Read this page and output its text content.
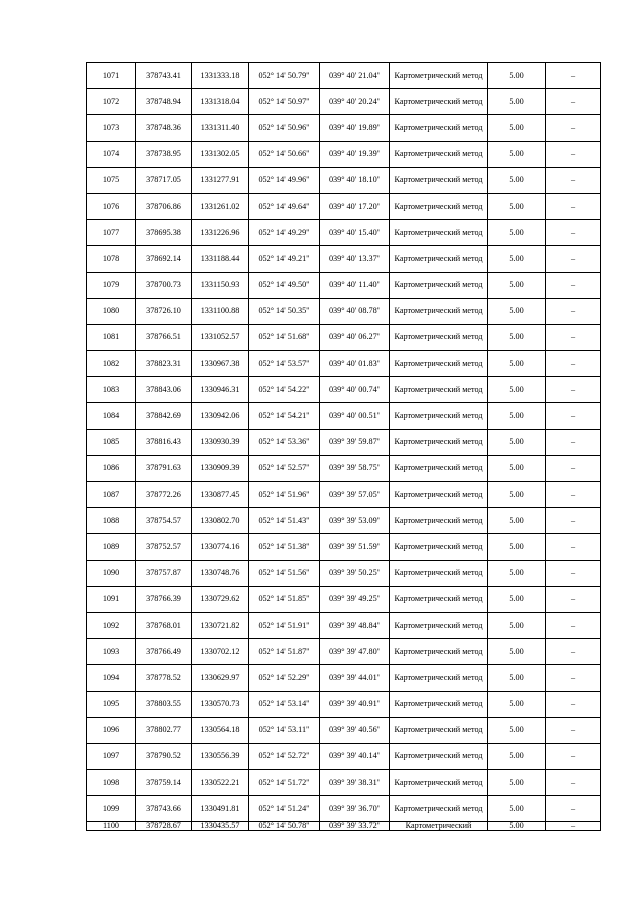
1071	378743.41	1331333.18	052° 14' 50.79"	039° 40' 21.04"	Картометрический метод	5.00	–
1072	378748.94	1331318.04	052° 14' 50.97"	039° 40' 20.24"	Картометрический метод	5.00	–
1073	378748.36	1331311.40	052° 14' 50.96"	039° 40' 19.89"	Картометрический метод	5.00	–
1074	378738.95	1331302.05	052° 14' 50.66"	039° 40' 19.39"	Картометрический метод	5.00	–
1075	378717.05	1331277.91	052° 14' 49.96"	039° 40' 18.10"	Картометрический метод	5.00	–
1076	378706.86	1331261.02	052° 14' 49.64"	039° 40' 17.20"	Картометрический метод	5.00	–
1077	378695.38	1331226.96	052° 14' 49.29"	039° 40' 15.40"	Картометрический метод	5.00	–
1078	378692.14	1331188.44	052° 14' 49.21"	039° 40' 13.37"	Картометрический метод	5.00	–
1079	378700.73	1331150.93	052° 14' 49.50"	039° 40' 11.40"	Картометрический метод	5.00	–
1080	378726.10	1331100.88	052° 14' 50.35"	039° 40' 08.78"	Картометрический метод	5.00	–
1081	378766.51	1331052.57	052° 14' 51.68"	039° 40' 06.27"	Картометрический метод	5.00	–
1082	378823.31	1330967.38	052° 14' 53.57"	039° 40' 01.83"	Картометрический метод	5.00	–
1083	378843.06	1330946.31	052° 14' 54.22"	039° 40' 00.74"	Картометрический метод	5.00	–
1084	378842.69	1330942.06	052° 14' 54.21"	039° 40' 00.51"	Картометрический метод	5.00	–
1085	378816.43	1330930.39	052° 14' 53.36"	039° 39' 59.87"	Картометрический метод	5.00	–
1086	378791.63	1330909.39	052° 14' 52.57"	039° 39' 58.75"	Картометрический метод	5.00	–
1087	378772.26	1330877.45	052° 14' 51.96"	039° 39' 57.05"	Картометрический метод	5.00	–
1088	378754.57	1330802.70	052° 14' 51.43"	039° 39' 53.09"	Картометрический метод	5.00	–
1089	378752.57	1330774.16	052° 14' 51.38"	039° 39' 51.59"	Картометрический метод	5.00	–
1090	378757.87	1330748.76	052° 14' 51.56"	039° 39' 50.25"	Картометрический метод	5.00	–
1091	378766.39	1330729.62	052° 14' 51.85"	039° 39' 49.25"	Картометрический метод	5.00	–
1092	378768.01	1330721.82	052° 14' 51.91"	039° 39' 48.84"	Картометрический метод	5.00	–
1093	378766.49	1330702.12	052° 14' 51.87"	039° 39' 47.80"	Картометрический метод	5.00	–
1094	378778.52	1330629.97	052° 14' 52.29"	039° 39' 44.01"	Картометрический метод	5.00	–
1095	378803.55	1330570.73	052° 14' 53.14"	039° 39' 40.91"	Картометрический метод	5.00	–
1096	378802.77	1330564.18	052° 14' 53.11"	039° 39' 40.56"	Картометрический метод	5.00	–
1097	378790.52	1330556.39	052° 14' 52.72"	039° 39' 40.14"	Картометрический метод	5.00	–
1098	378759.14	1330522.21	052° 14' 51.72"	039° 39' 38.31"	Картометрический метод	5.00	–
1099	378743.66	1330491.81	052° 14' 51.24"	039° 39' 36.70"	Картометрический метод	5.00	–
1100	378728.67	1330435.57	052° 14' 50.78"	039° 39' 33.72"	Картометрический	5.00	–
